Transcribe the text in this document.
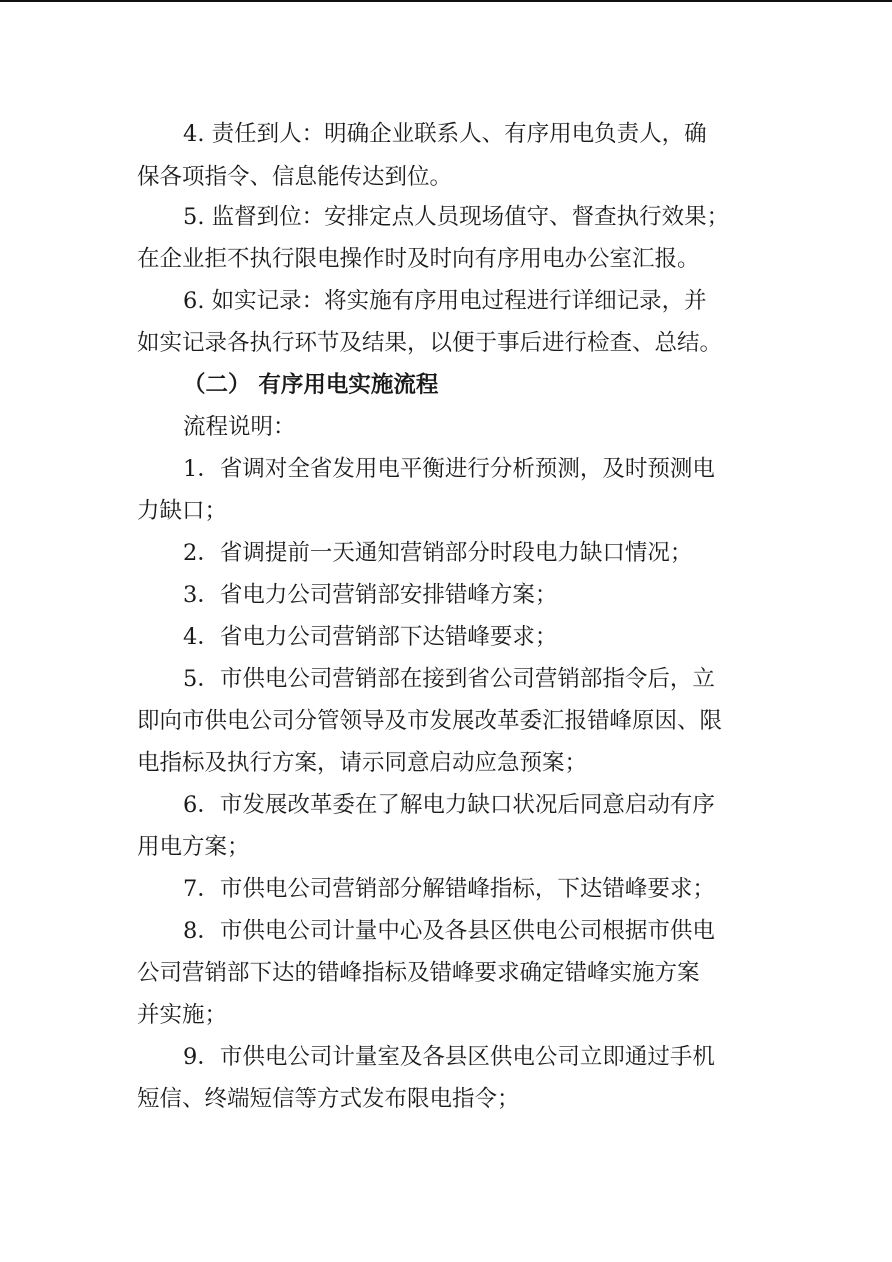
4. 责任到人：明确企业联系人、有序用电负责人，确
保各项指令、信息能传达到位。
5. 监督到位：安排定点人员现场值守、督查执行效果；
在企业拒不执行限电操作时及时向有序用电办公室汇报。
6. 如实记录：将实施有序用电过程进行详细记录，并
如实记录各执行环节及结果，以便于事后进行检查、总结。
（二） 有序用电实施流程
流程说明：
1．省调对全省发用电平衡进行分析预测，及时预测电
力缺口；
2．省调提前一天通知营销部分时段电力缺口情况；
3．省电力公司营销部安排错峰方案；
4．省电力公司营销部下达错峰要求；
5．市供电公司营销部在接到省公司营销部指令后，立
即向市供电公司分管领导及市发展改革委汇报错峰原因、限
电指标及执行方案，请示同意启动应急预案；
6．市发展改革委在了解电力缺口状况后同意启动有序
用电方案；
7．市供电公司营销部分解错峰指标，下达错峰要求；
8．市供电公司计量中心及各县区供电公司根据市供电
公司营销部下达的错峰指标及错峰要求确定错峰实施方案
并实施；
9．市供电公司计量室及各县区供电公司立即通过手机
短信、终端短信等方式发布限电指令；
